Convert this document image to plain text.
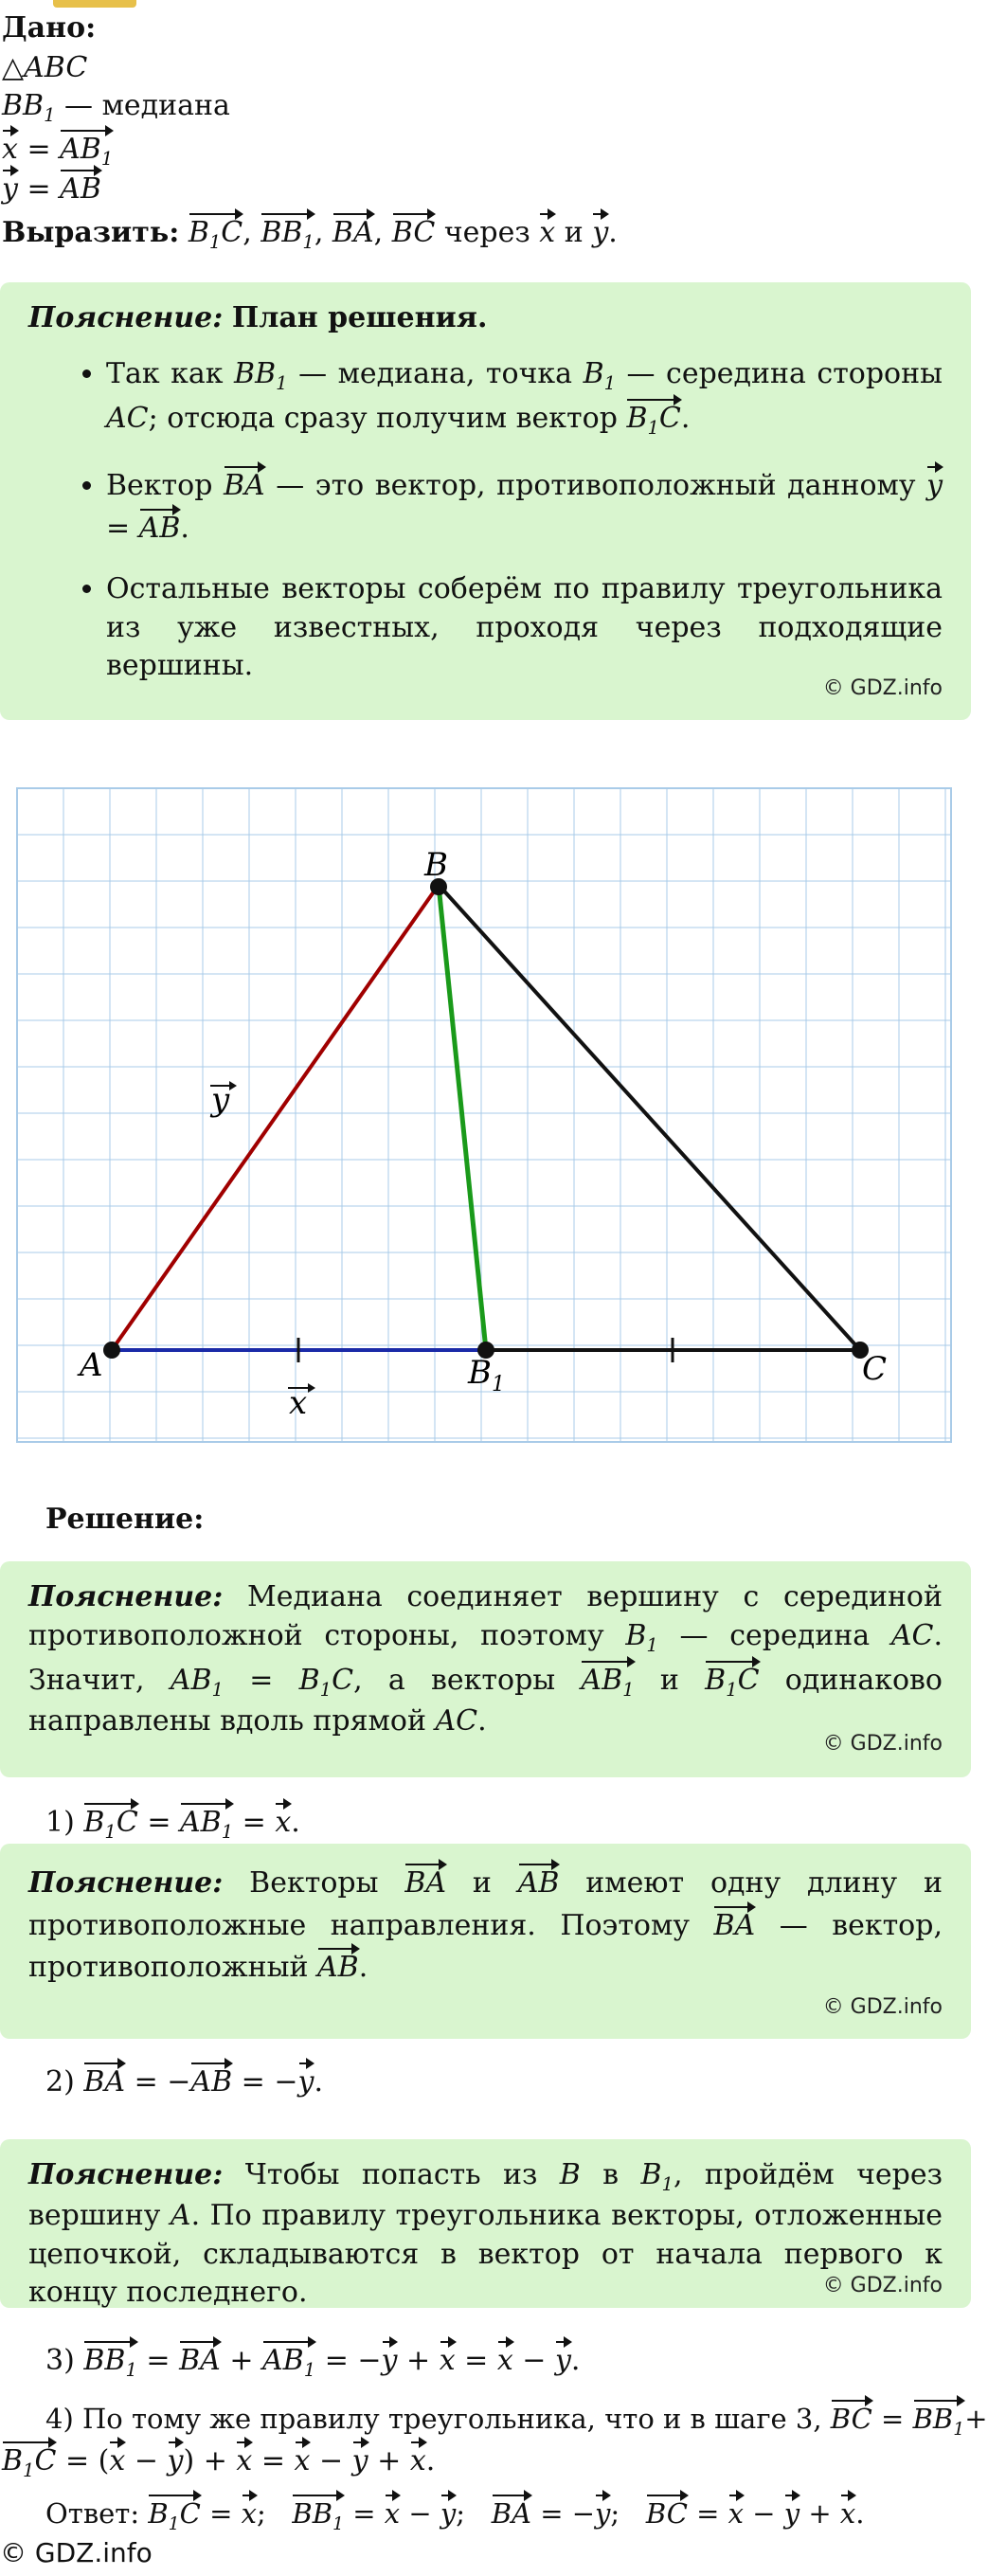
Дано:
△ABC
$BB_1$ — медиана
$x = AB_1$
y = AB
Выразить: $B_1C$, $BB_1$, BA, BC через x и y.

Пояснение: План решения.

• Так как $BB_1$ — медиана, точка $B_1$ — середина стороны AC; отсюда сразу получим вектор $B_1C$.
• Вектор BA — это вектор, противоположный данному y = AB.
• Остальные векторы соберём по правилу треугольника из уже известных, проходя через подходящие вершины.
© GDZ.info
A
B
$B_1$	C
x
y
Решение:

Пояснение: Медиана соединяет вершину с серединой противоположной стороны, поэтому $B_1$ — середина AC. Значит, $AB_1 = B_1C$, а векторы $AB_1$ и $B_1C$ одинаково направлены вдоль прямой AC.

© GDZ.info
1) $B_1C = AB_1 = x$.

Пояснение: Векторы BA и AB имеют одну длину и противоположные направления. Поэтому BA — вектор, противоположный AB.

© GDZ.info
2) BA = −AB = −y.

Пояснение: Чтобы попасть из B в $B_1$, пройдём через вершину A. По правилу треугольника векторы, отложенные цепочкой, складываются в вектор от начала первого к концу последнего.	© GDZ.info
3) $BB_1$ = BA + $AB_1 = -y + x = x - y$.
4) По тому же правилу треугольника, что и в шаге 3, BC = $BB_1+$
$B_1C = (x - y) + x = x - y + x$.
Ответ: $B_1C = x$;   $BB_1 = x - y$;   BA = −y;   BC = x − y + x.
© GDZ.info
